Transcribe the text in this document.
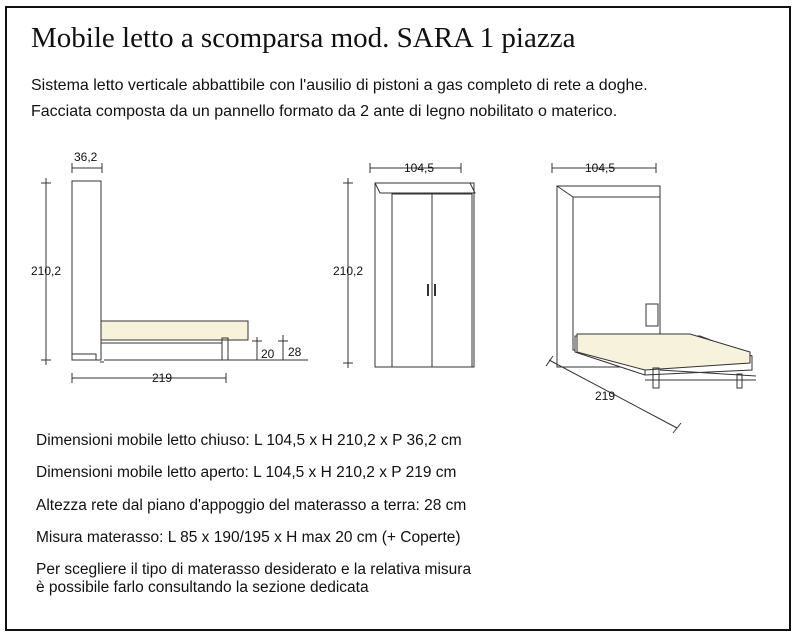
Mobile letto a scomparsa mod. SARA 1 piazza
Sistema letto verticale abbattibile con l'ausilio di pistoni a gas completo di rete a doghe.
Facciata composta da un pannello formato da 2 ante di legno nobilitato o materico.
36,2
210,2
219
20 28
104,5
210,2
104,5
219
Dimensioni mobile letto chiuso: L 104,5 x H 210,2 x P 36,2 cm
Dimensioni mobile letto aperto: L 104,5 x H 210,2 x P 219 cm
Altezza rete dal piano d'appoggio del materasso a terra: 28 cm
Misura materasso: L 85 x 190/195 x H max 20 cm (+ Coperte)
Per scegliere il tipo di materasso desiderato e la relativa misura
è possibile farlo consultando la sezione dedicata
